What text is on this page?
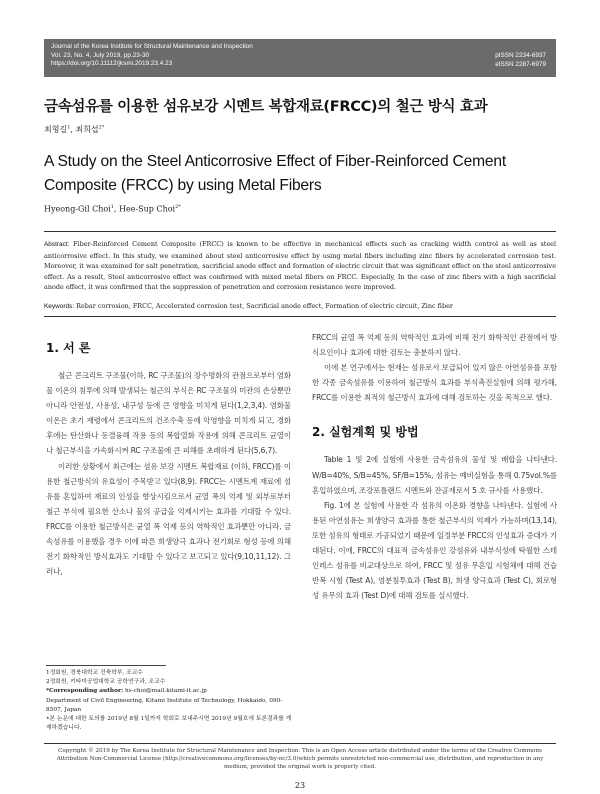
Journal of the Korea Institute for Structural Maintenance and Inspection
Vol. 23, No. 4, July 2019, pp.23-30
https://doi.org/10.11112/jksmi.2019.23.4.23
pISSN 2234-6937
eISSN 2287-6979
금속섬유를 이용한 섬유보강 시멘트 복합재료(FRCC)의 철근 방식 효과
최형길$^1$, 최희섭$^{2*}$
A Study on the Steel Anticorrosive Effect of Fiber-Reinforced Cement Composite (FRCC) by using Metal Fibers
Hyeong-Gil Choi$^1$, Hee-Sup Choi$^{2*}$
Abstract: Fiber-Reinforced Cement Composite (FRCC) is known to be effective in mechanical effects such as cracking width control as well as steel anticorrosive effect. In this study, we examined about steel anticorrosive effect by using metal fibers including zinc fibers by accelerated corrosion test. Moreover, it was examined for salt penetration, sacrificial anode effect and formation of electric circuit that was significant effect on the steel anticorrosive effect. As a result, Steel anticorrosive effect was confirmed with mixed metal fibers on FRCC. Especially, In the case of zinc fibers with a high sacrificial anode effect, it was confirmed that the suppression of penetration and corrosion resistance were improved.
Keywords: Rebar corrosion, FRCC, Accelerated corrosion test, Sacrificial anode effect, Formation of electric circuit, Zinc fiber
1. 서 론

철근 콘크리트 구조물(이하, RC 구조물)의 장수명화의 관점으로부터 염화물 이온의 침투에 의해 발생되는 철근의 부식은 RC 구조물의 미관의 손상뿐만 아니라 안전성, 사용성, 내구성 등에 큰 영향을 미치게 된다(1,2,3,4). 염화물 이온은 초기 재령에서 콘크리트의 건조수축 등에 악영향을 미치게 되고, 경화 후에는 탄산화나 동결융해 작용 등의 복합열화 작용에 의해 콘크리트 균열이나 철근부식을 가속화시켜 RC 구조물에 큰 피해를 초래하게 된다(5,6,7).

이러한 상황에서 최근에는 섬유 보강 시멘트 복합재료 (이하, FRCC)를 이용한 철근방식의 유효성이 주목받고 있다(8,9). FRCC는 시멘트계 재료에 섬유를 혼입하여 재료의 인성을 향상시킴으로서 균열 폭의 억제 및 외부로부터 철근 부식에 필요한 산소나 물의 공급을 억제시키는 효과를 기대할 수 있다. FRCC를 이용한 철근방식은 균열 폭 억제 등의 역학적인 효과뿐만 아니라, 금속섬유를 이용했을 경우 이에 따른 희생양극 효과나 전기회로 형성 등에 의해 전기 화학적인 방식효과도 기대할 수 있다고 보고되고 있다(9,10,11,12). 그러나,

FRCC의 균열 폭 억제 등의 역학적인 효과에 비해 전기 화학적인 관점에서 방식요인이나 효과에 대한 검토는 충분하지 않다.

이에 본 연구에서는 현재는 섬유로서 보급되어 있지 않은 아연섬유를 포함한 각종 금속섬유를 이용하여 철근방식 효과를 부식촉진실험에 의해 평가해, FRCC를 이용한 최적의 철근방식 효과에 대해 검토하는 것을 목적으로 했다.

2. 실험계획 및 방법

Table 1 및 2에 실험에 사용한 금속섬유의 물성 및 배합을 나타낸다. W/B=40%, S/B=45%, SF/B=15%, 섬유는 예비실험을 통해 0.75vol.%를 혼입하였으며, 조강포틀랜드 시멘트와 잔골재로서 5 호 규사를 사용했다.

Fig. 1에 본 실험에 사용한 각 섬유의 이온화 경향을 나타낸다. 실험에 사용된 아연섬유는 희생양극 효과를 통한 철근부식의 억제가 가능하며(13,14), 또한 섬유의 형태로 가공되었기 때문에 일정부분 FRCC의 인성효과 증대가 기대된다. 이에, FRCC의 대표적 금속섬유인 강섬유와 내부식성에 탁월한 스테인레스 섬유를 비교대상으로 하여, FRCC 및 섬유 무혼입 시험체에 대해 건습 반복 시험 (Test A), 염분침투효과 (Test B), 희생 양극효과 (Test C), 회로형성 유무의 효과 (Test D)에 대해 검토를 실시했다.

1정회원, 경북대학교 건축학부, 조교수
2정회원, 키타미공업대학교 공학연구과, 조교수
*Corresponding author: hs-choi@mail.kitami-it.ac.jp
Department of Civil Engineering, Kitami Institute of Technology, Hokkaido, 090-8507, Japan
•본 논문에 대한 토의를 2019년 8월 1일까지 학회로 보내주시면 2019년 9월호에 토론결과를 게재하겠습니다.
Copyright © 2019 by The Korea Institute for Structural Maintenance and Inspection. This is an Open Access article distributed under the terms of the Creative Commons Attribution Non-Commercial License (http://creativecommons.org/licenses/by-nc/3.0)which permits unrestricted non-commercial use, distribution, and reproduction in any medium, provided the original work is properly cited.
23
